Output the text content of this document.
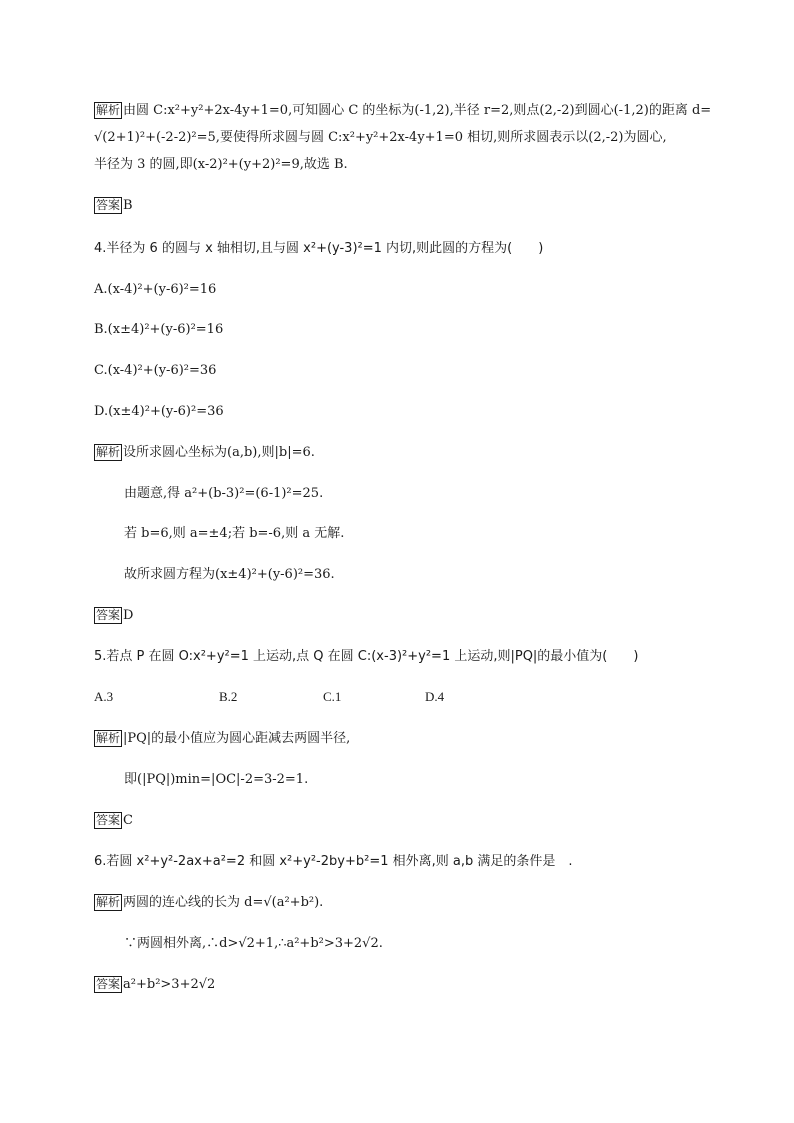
解析 由圆 C:x²+y²+2x-4y+1=0,可知圆心 C 的坐标为(-1,2),半径 r=2,则点(2,-2)到圆心(-1,2)的距离 d=
√(2+1)²+(-2-2)²=5,要使得所求圆与圆 C:x²+y²+2x-4y+1=0 相切,则所求圆表示以(2,-2)为圆心,
半径为 3 的圆,即(x-2)²+(y+2)²=9,故选 B.
答案 B
4.半径为 6 的圆与 x 轴相切,且与圆 x²+(y-3)²=1 内切,则此圆的方程为(　　)
A.(x-4)²+(y-6)²=16
B.(x±4)²+(y-6)²=16
C.(x-4)²+(y-6)²=36
D.(x±4)²+(y-6)²=36
解析 设所求圆心坐标为(a,b),则|b|=6.
由题意,得 a²+(b-3)²=(6-1)²=25.
若 b=6,则 a=±4;若 b=-6,则 a 无解.
故所求圆方程为(x±4)²+(y-6)²=36.
答案 D
5.若点 P 在圆 O:x²+y²=1 上运动,点 Q 在圆 C:(x-3)²+y²=1 上运动,则|PQ|的最小值为(　　)
A.3	B.2	C.1	D.4
解析 |PQ|的最小值应为圆心距减去两圆半径,
即(|PQ|)min=|OC|-2=3-2=1.
答案 C
6.若圆 x²+y²-2ax+a²=2 和圆 x²+y²-2by+b²=1 相外离,则 a,b 满足的条件是　.
解析 两圆的连心线的长为 d=√(a²+b²).
∵两圆相外离,∴d>√2+1,∴a²+b²>3+2√2.
答案 a²+b²>3+2√2
